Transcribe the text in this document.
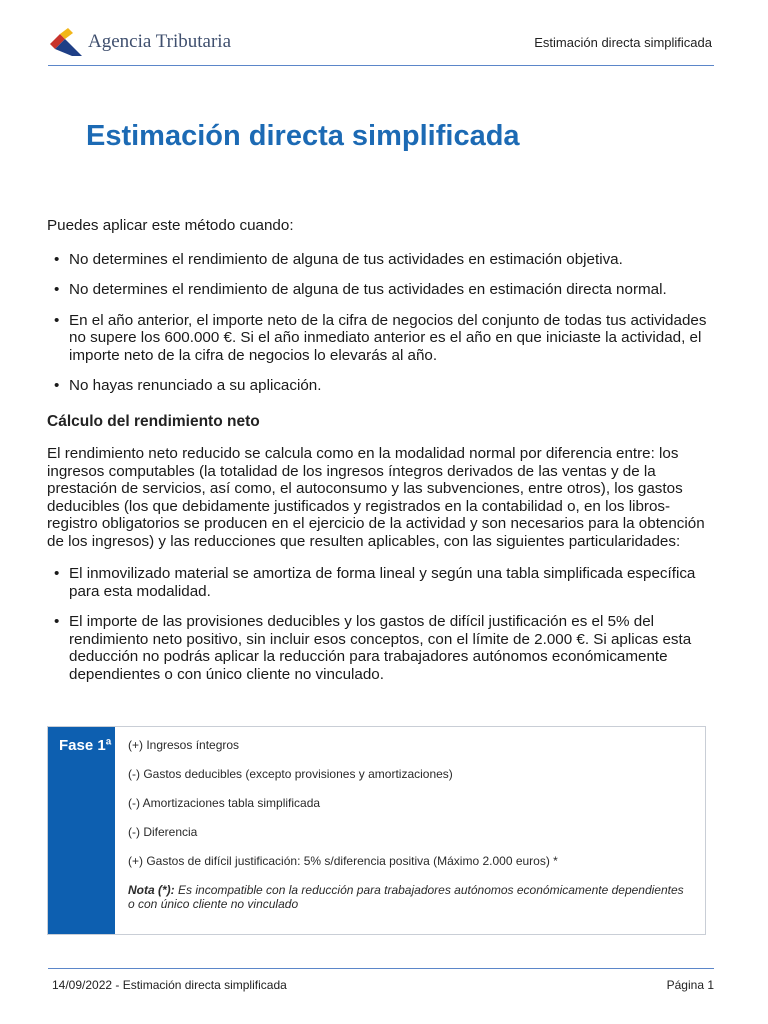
Agencia Tributaria	Estimación directa simplificada
Estimación directa simplificada

Puedes aplicar este método cuando:

• No determines el rendimiento de alguna de tus actividades en estimación objetiva.
• No determines el rendimiento de alguna de tus actividades en estimación directa normal.
• En el año anterior, el importe neto de la cifra de negocios del conjunto de todas tus actividades no supere los 600.000 €. Si el año inmediato anterior es el año en que iniciaste la actividad, el importe neto de la cifra de negocios lo elevarás al año.
• No hayas renunciado a su aplicación.
Cálculo del rendimiento neto

El rendimiento neto reducido se calcula como en la modalidad normal por diferencia entre: los ingresos computables (la totalidad de los ingresos íntegros derivados de las ventas y de la prestación de servicios, así como, el autoconsumo y las subvenciones, entre otros), los gastos deducibles (los que debidamente justificados y registrados en la contabilidad o, en los libros-registro obligatorios se producen en el ejercicio de la actividad y son necesarios para la obtención de los ingresos) y las reducciones que resulten aplicables, con las siguientes particularidades:

• El inmovilizado material se amortiza de forma lineal y según una tabla simplificada específica para esta modalidad.
• El importe de las provisiones deducibles y los gastos de difícil justificación es el 5% del rendimiento neto positivo, sin incluir esos conceptos, con el límite de 2.000 €. Si aplicas esta deducción no podrás aplicar la reducción para trabajadores autónomos económicamente dependientes o con único cliente no vinculado.
Fase 1ª	(+) Ingresos íntegros
(-) Gastos deducibles (excepto provisiones y amortizaciones)
(-) Amortizaciones tabla simplificada
(-) Diferencia
(+) Gastos de difícil justificación: 5% s/diferencia positiva (Máximo 2.000 euros) *
Nota (*): Es incompatible con la reducción para trabajadores autónomos económicamente dependientes o con único cliente no vinculado
14/09/2022 - Estimación directa simplificada	Página 1
